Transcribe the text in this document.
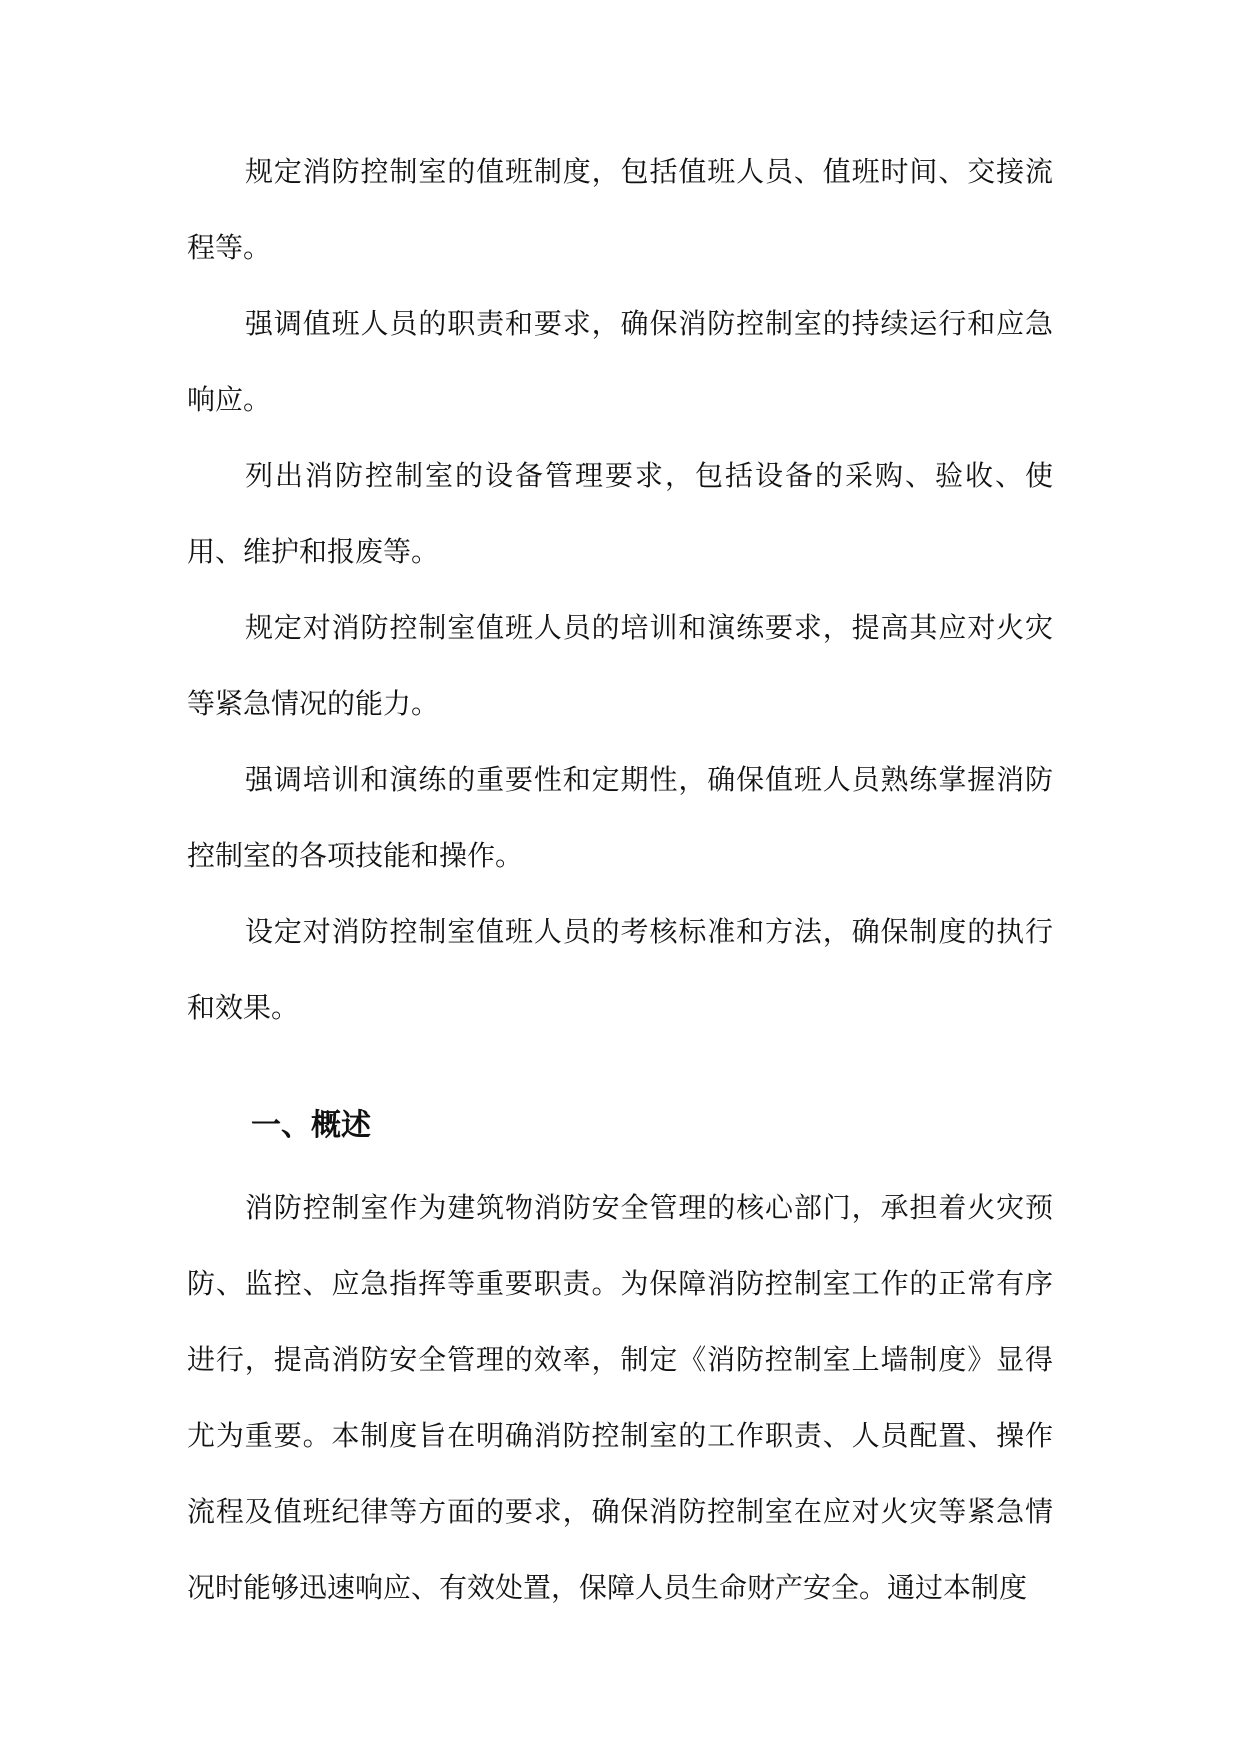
规定消防控制室的值班制度，包括值班人员、值班时间、交接流程等。

强调值班人员的职责和要求，确保消防控制室的持续运行和应急响应。

列出消防控制室的设备管理要求，包括设备的采购、验收、使用、维护和报废等。

规定对消防控制室值班人员的培训和演练要求，提高其应对火灾等紧急情况的能力。

强调培训和演练的重要性和定期性，确保值班人员熟练掌握消防控制室的各项技能和操作。

设定对消防控制室值班人员的考核标准和方法，确保制度的执行和效果。

一、概述

消防控制室作为建筑物消防安全管理的核心部门，承担着火灾预防、监控、应急指挥等重要职责。为保障消防控制室工作的正常有序进行，提高消防安全管理的效率，制定《消防控制室上墙制度》显得尤为重要。本制度旨在明确消防控制室的工作职责、人员配置、操作流程及值班纪律等方面的要求，确保消防控制室在应对火灾等紧急情况时能够迅速响应、有效处置，保障人员生命财产安全。通过本制度
